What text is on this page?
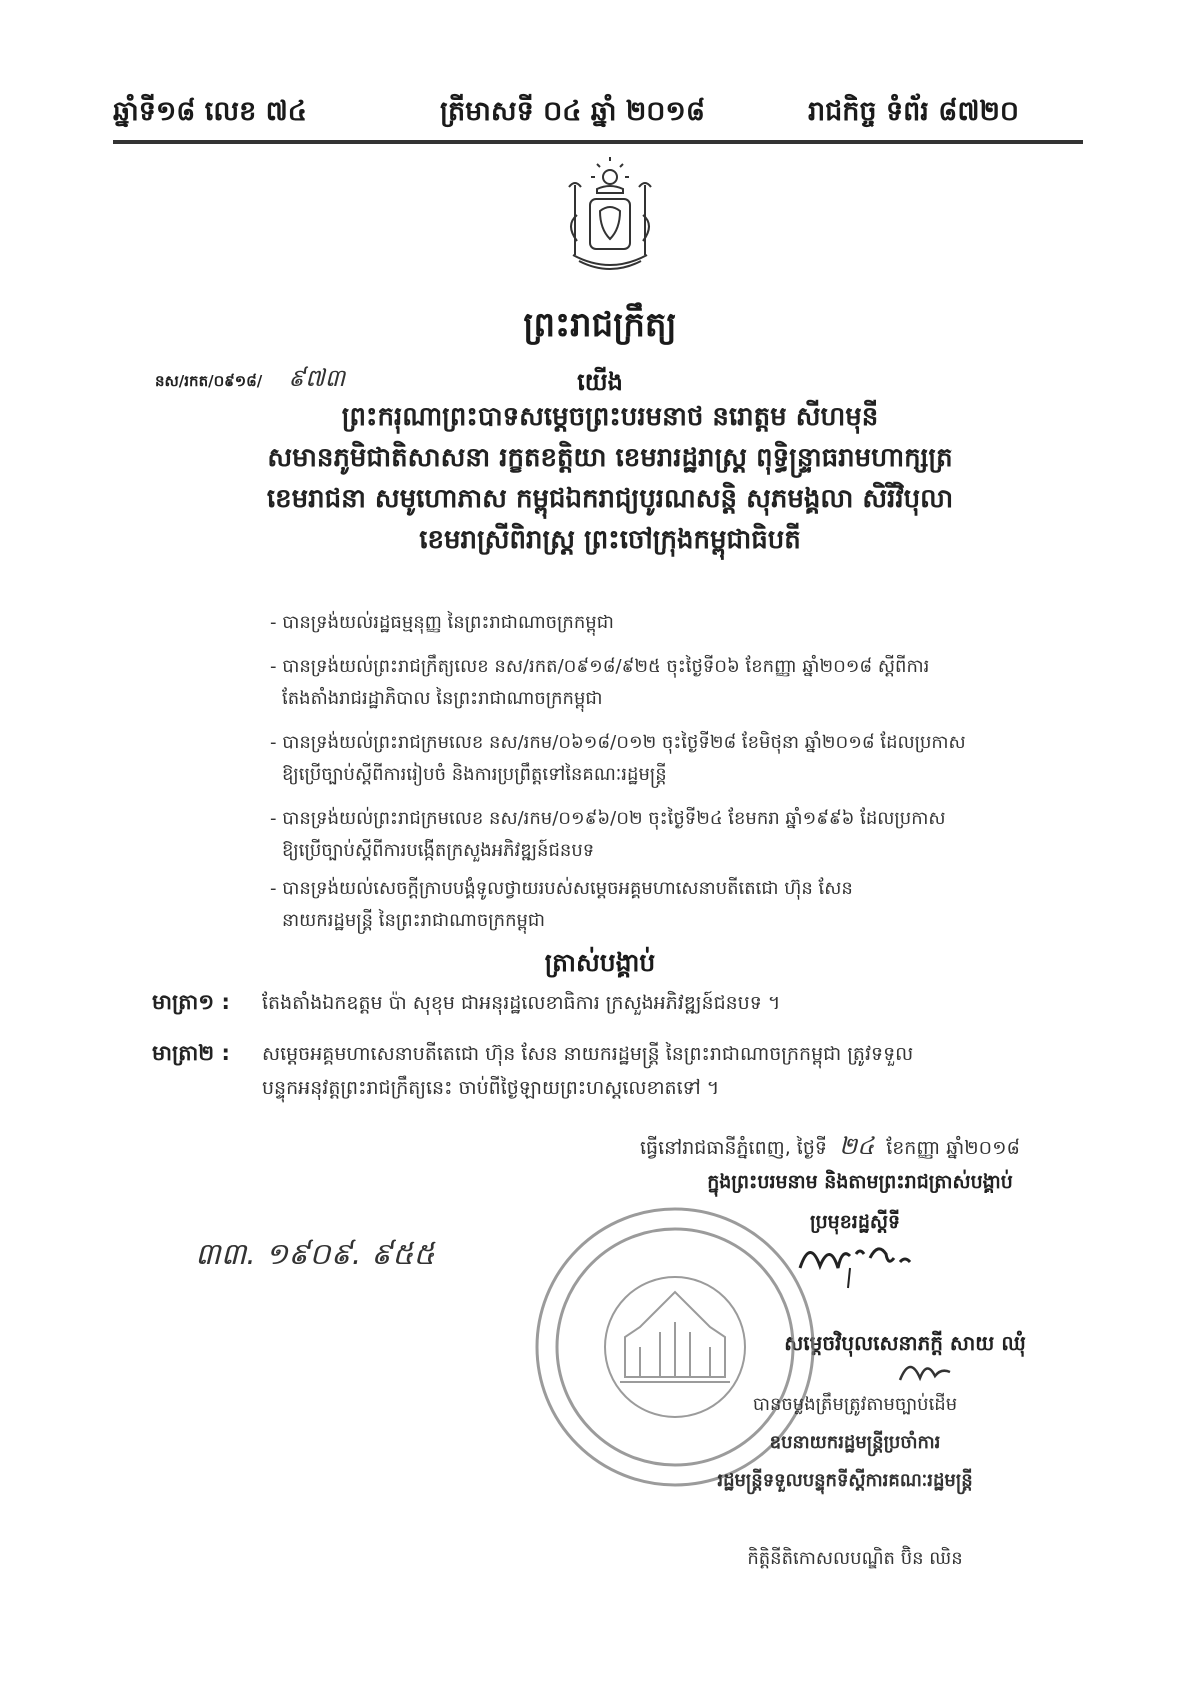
ឆ្នាំទី១៨ លេខ ៧៤	ត្រីមាសទី ០៤ ឆ្នាំ ២០១៨	រាជកិច្ច ទំព័រ ៨៧២០
ព្រះរាជក្រឹត្យ
នស/រកត/០៩១៨/ ៩៧៣	យើង
ព្រះករុណាព្រះបាទសម្តេចព្រះបរមនាថ នរោត្តម សីហមុនី
សមានភូមិជាតិសាសនា រក្ខតខត្តិយា ខេមរារដ្ឋរាស្ត្រ ពុទ្ធិន្ទ្រាធរាមហាក្សត្រ
ខេមរាជនា សមូហោភាស កម្ពុជឯករាជ្យបូរណសន្តិ សុភមង្គលា សិរីវិបុលា
ខេមរាស្រីពិរាស្ត្រ ព្រះចៅក្រុងកម្ពុជាធិបតី
- បានទ្រង់យល់រដ្ឋធម្មនុញ្ញ នៃព្រះរាជាណាចក្រកម្ពុជា
- បានទ្រង់យល់ព្រះរាជក្រឹត្យលេខ នស/រកត/០៩១៨/៩២៥ ចុះថ្ងៃទី០៦ ខែកញ្ញា ឆ្នាំ២០១៨ ស្តីពីការ
តែងតាំងរាជរដ្ឋាភិបាល នៃព្រះរាជាណាចក្រកម្ពុជា
- បានទ្រង់យល់ព្រះរាជក្រមលេខ នស/រកម/០៦១៨/០១២ ចុះថ្ងៃទី២៨ ខែមិថុនា ឆ្នាំ២០១៨ ដែលប្រកាស
ឱ្យប្រើច្បាប់ស្តីពីការរៀបចំ និងការប្រព្រឹត្តទៅនៃគណៈរដ្ឋមន្ត្រី
- បានទ្រង់យល់ព្រះរាជក្រមលេខ នស/រកម/០១៩៦/០២ ចុះថ្ងៃទី២៤ ខែមករា ឆ្នាំ១៩៩៦ ដែលប្រកាស
ឱ្យប្រើច្បាប់ស្តីពីការបង្កើតក្រសួងអភិវឌ្ឍន៍ជនបទ
- បានទ្រង់យល់សេចក្តីក្រាបបង្គំទូលថ្វាយរបស់សម្តេចអគ្គមហាសេនាបតីតេជោ ហ៊ុន សែន
នាយករដ្ឋមន្ត្រី នៃព្រះរាជាណាចក្រកម្ពុជា
ត្រាស់បង្គាប់
មាត្រា១ : តែងតាំងឯកឧត្តម ប៉ា សុខុម ជាអនុរដ្ឋលេខាធិការ ក្រសួងអភិវឌ្ឍន៍ជនបទ ។
មាត្រា២ : សម្តេចអគ្គមហាសេនាបតីតេជោ ហ៊ុន សែន នាយករដ្ឋមន្ត្រី នៃព្រះរាជាណាចក្រកម្ពុជា ត្រូវទទួល
បន្ទុកអនុវត្តព្រះរាជក្រឹត្យនេះ ចាប់ពីថ្ងៃឡាយព្រះហស្តលេខាតទៅ ។
ធ្វើនៅរាជធានីភ្នំពេញ, ថ្ងៃទី ២៤ ខែកញ្ញា ឆ្នាំ២០១៨
ក្នុងព្រះបរមនាម និងតាមព្រះរាជត្រាស់បង្គាប់
ប្រមុខរដ្ឋស្តីទី
៣៣. ១៩០៩. ៩៥៥
សម្តេចវិបុលសេនាភក្តី សាយ ឈុំ
បានចម្លងត្រឹមត្រូវតាមច្បាប់ដើម
ឧបនាយករដ្ឋមន្ត្រីប្រចាំការ
រដ្ឋមន្ត្រីទទួលបន្ទុកទីស្តីការគណៈរដ្ឋមន្ត្រី
កិត្តិនីតិកោសលបណ្ឌិត ប៊ិន ឈិន
